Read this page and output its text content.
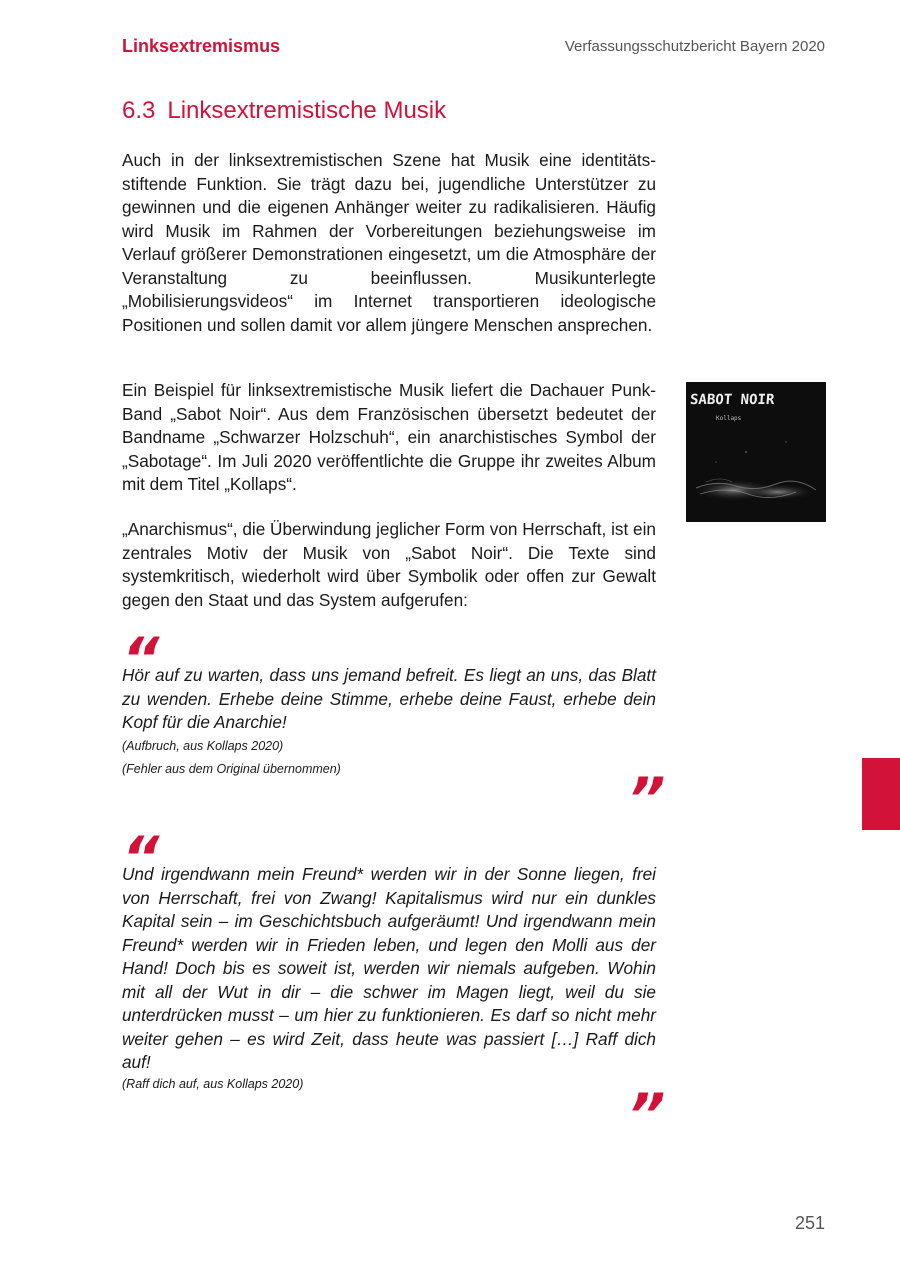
Linksextremismus	Verfassungsschutzbericht Bayern 2020
6.3 Linksextremistische Musik

Auch in der linksextremistischen Szene hat Musik eine identitätsstiftende Funktion. Sie trägt dazu bei, jugendliche Unterstützer zu gewinnen und die eigenen Anhänger weiter zu radikalisieren. Häufig wird Musik im Rahmen der Vorbereitungen beziehungsweise im Verlauf größerer Demonstrationen eingesetzt, um die Atmosphäre der Veranstaltung zu beeinflussen. Musikunterlegte „Mobilisierungsvideos“ im Internet transportieren ideologische Positionen und sollen damit vor allem jüngere Menschen ansprechen.

Ein Beispiel für linksextremistische Musik liefert die Dachauer Punk-Band „Sabot Noir“. Aus dem Französischen übersetzt bedeutet der Bandname „Schwarzer Holzschuh“, ein anarchistisches Symbol der „Sabotage“. Im Juli 2020 veröffentlichte die Gruppe ihr zweites Album mit dem Titel „Kollaps“.

„Anarchismus“, die Überwindung jeglicher Form von Herrschaft, ist ein zentrales Motiv der Musik von „Sabot Noir“. Die Texte sind systemkritisch, wiederholt wird über Symbolik oder offen zur Gewalt gegen den Staat und das System aufgerufen:

SABOT NOIR
Kollaps
“

Hör auf zu warten, dass uns jemand befreit. Es liegt an uns, das Blatt zu wenden. Erhebe deine Stimme, erhebe deine Faust, erhebe dein Kopf für die Anarchie!

(Aufbruch, aus Kollaps 2020)

(Fehler aus dem Original übernommen)	”
“

Und irgendwann mein Freund* werden wir in der Sonne liegen, frei von Herrschaft, frei von Zwang! Kapitalismus wird nur ein dunkles Kapital sein – im Geschichtsbuch aufgeräumt! Und irgendwann mein Freund* werden wir in Frieden leben, und legen den Molli aus der Hand! Doch bis es soweit ist, werden wir niemals aufgeben. Wohin mit all der Wut in dir – die schwer im Magen liegt, weil du sie unterdrücken musst – um hier zu funktionieren. Es darf so nicht mehr weiter gehen – es wird Zeit, dass heute was passiert […] Raff dich auf!

(Raff dich auf, aus Kollaps 2020)	”
251
